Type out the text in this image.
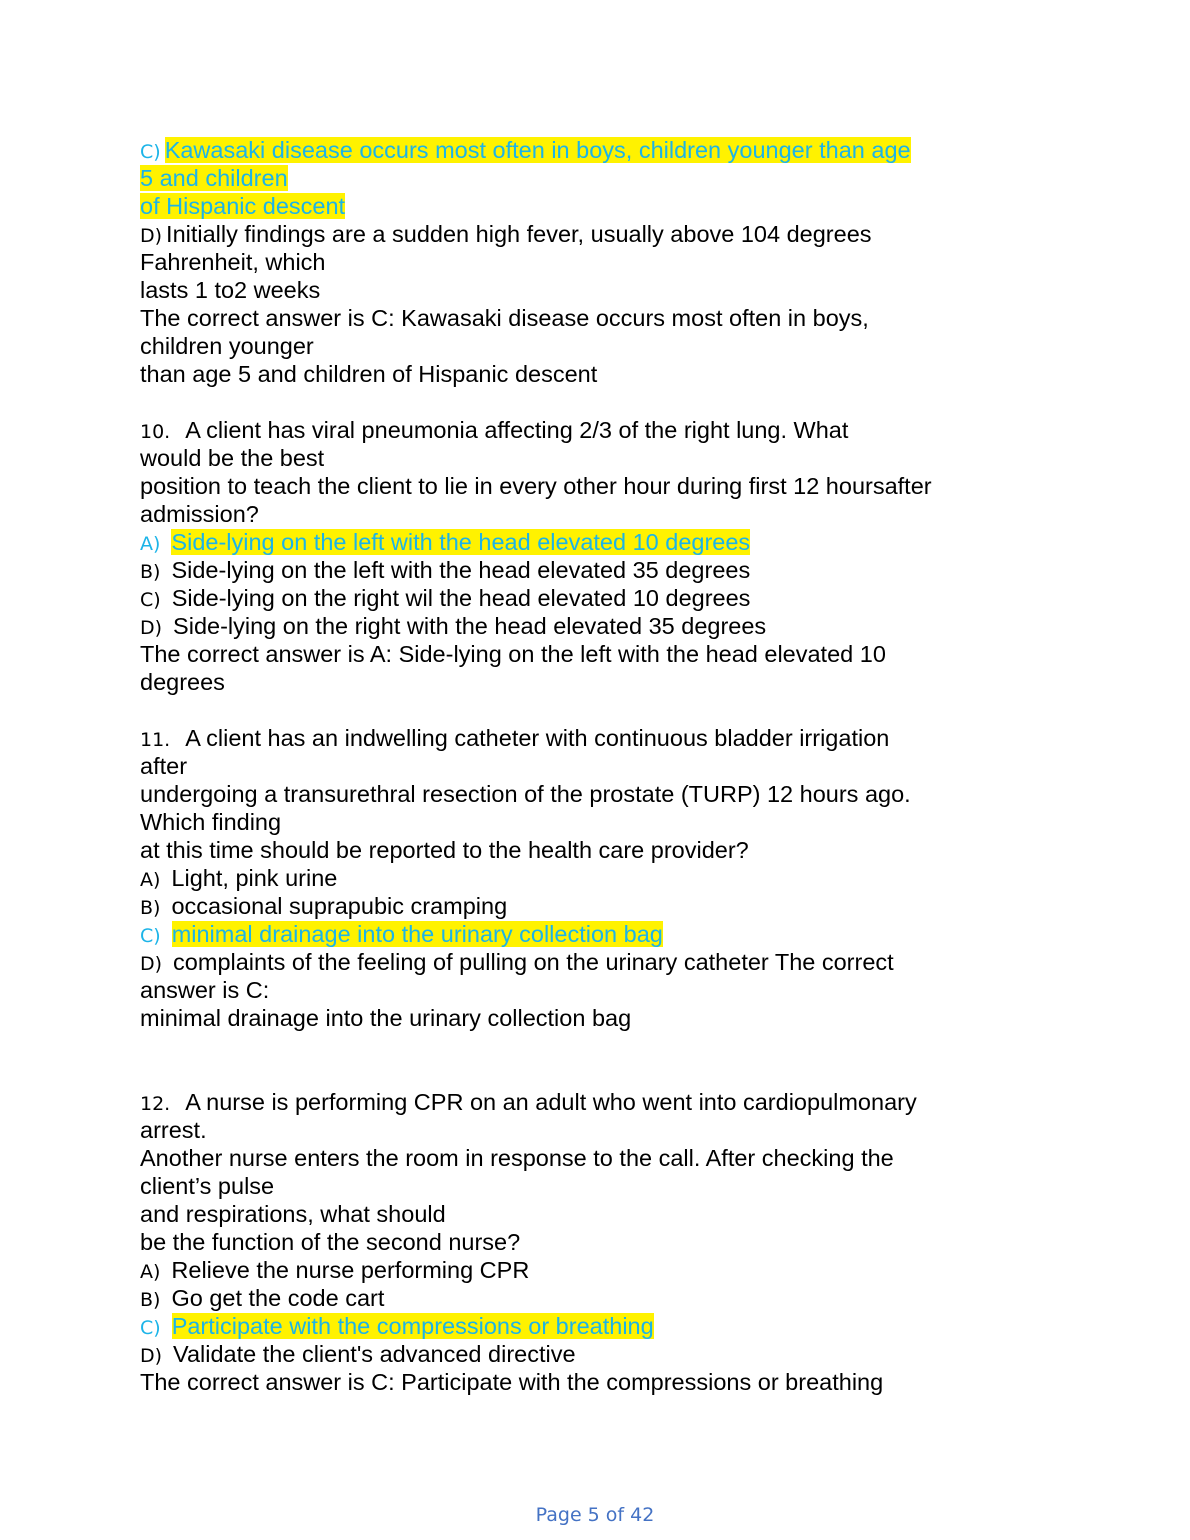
C) Kawasaki disease occurs most often in boys, children younger than age
5 and children
of Hispanic descent
D) Initially findings are a sudden high fever, usually above 104 degrees
Fahrenheit, which
lasts 1 to2 weeks
The correct answer is C: Kawasaki disease occurs most often in boys,
children younger
than age 5 and children of Hispanic descent
10. A client has viral pneumonia affecting 2/3 of the right lung. What
would be the best
position to teach the client to lie in every other hour during first 12 hoursafter
admission?
A) Side-lying on the left with the head elevated 10 degrees
B) Side-lying on the left with the head elevated 35 degrees
C) Side-lying on the right wil the head elevated 10 degrees
D) Side-lying on the right with the head elevated 35 degrees
The correct answer is A: Side-lying on the left with the head elevated 10
degrees
11. A client has an indwelling catheter with continuous bladder irrigation
after
undergoing a transurethral resection of the prostate (TURP) 12 hours ago.
Which finding
at this time should be reported to the health care provider?
A) Light, pink urine
B) occasional suprapubic cramping
C) minimal drainage into the urinary collection bag
D) complaints of the feeling of pulling on the urinary catheter The correct
answer is C:
minimal drainage into the urinary collection bag
12. A nurse is performing CPR on an adult who went into cardiopulmonary
arrest.
Another nurse enters the room in response to the call. After checking the
client’s pulse
and respirations, what should
be the function of the second nurse?
A) Relieve the nurse performing CPR
B) Go get the code cart
C) Participate with the compressions or breathing
D) Validate the client's advanced directive
The correct answer is C: Participate with the compressions or breathing
Page 5 of 42
